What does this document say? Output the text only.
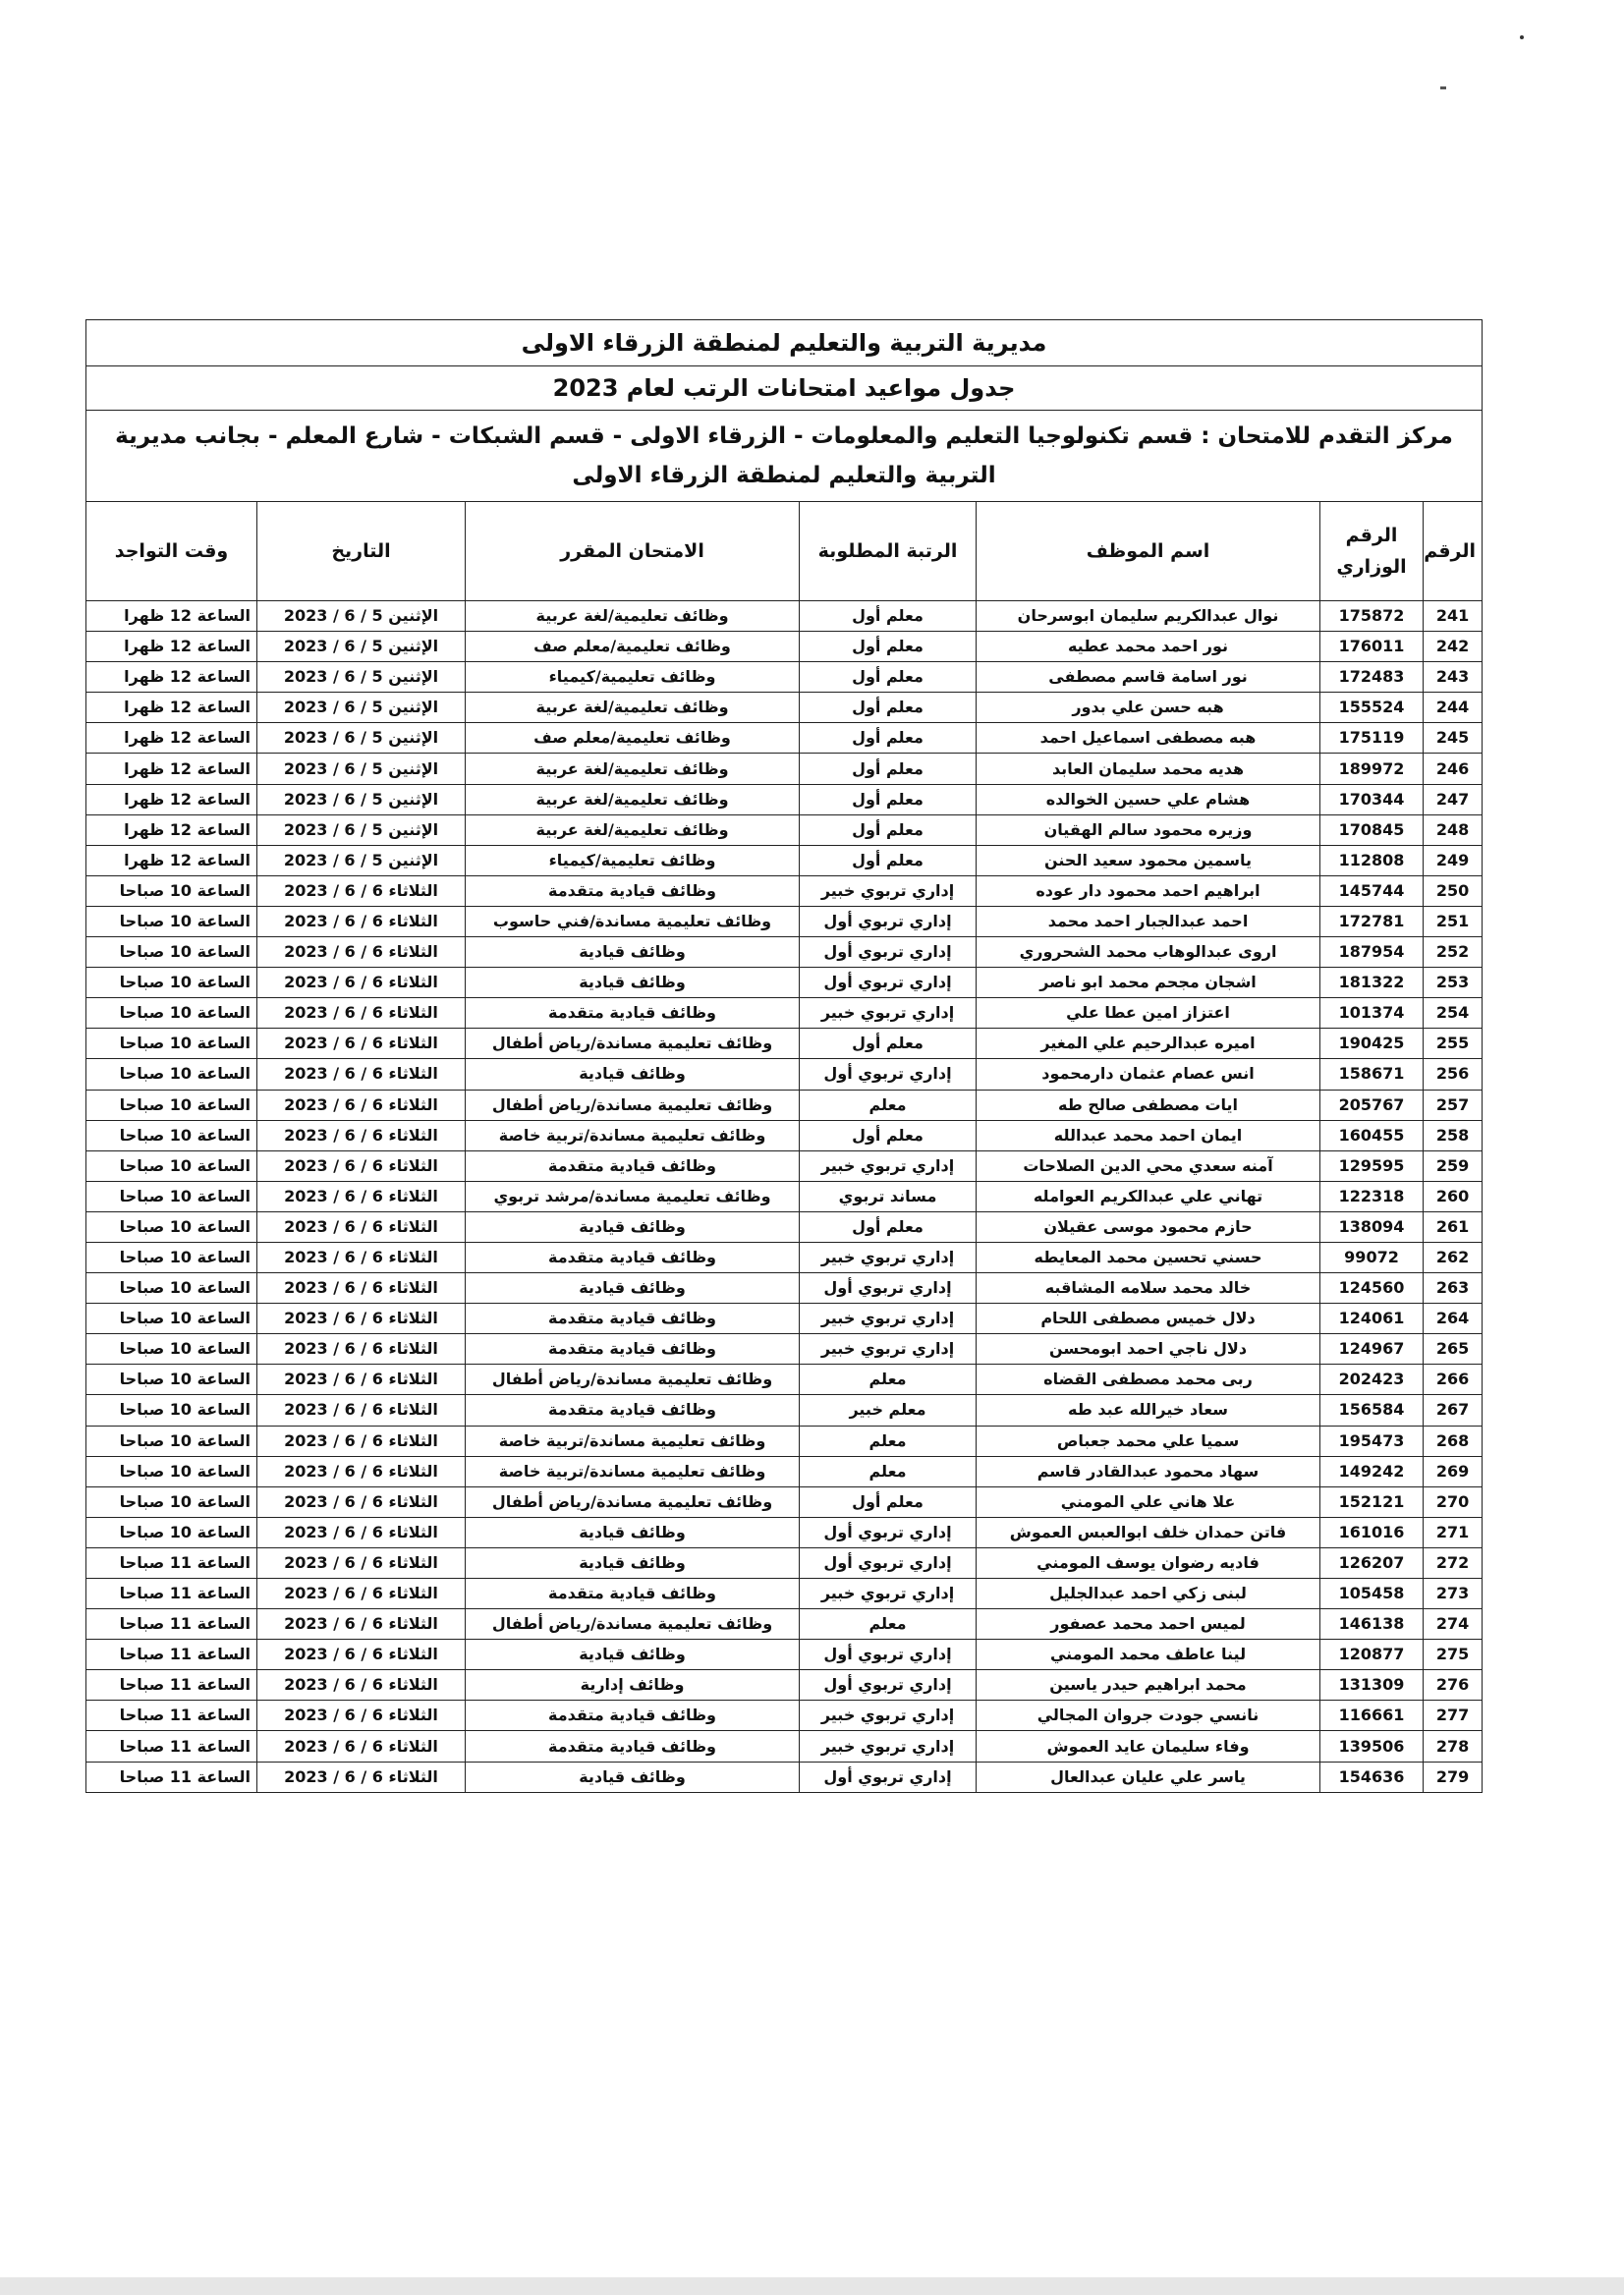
مديرية التربية والتعليم لمنطقة الزرقاء الاولى						
جدول مواعيد امتحانات الرتب لعام 2023						
مركز التقدم للامتحان : قسم تكنولوجيا التعليم والمعلومات - الزرقاء الاولى - قسم الشبكات - شارع المعلم - بجانب مديرية التربية والتعليم لمنطقة الزرقاء الاولى						
الرقم	الرقم الوزاري	اسم الموظف	الرتبة المطلوبة	الامتحان المقرر	التاريخ	وقت التواجد
241	175872	نوال عبدالكريم سليمان ابوسرحان	معلم أول	وظائف تعليمية/لغة عربية	الإثنين 5 / 6 / 2023	الساعة 12 ظهرا
242	176011	نور احمد محمد عطيه	معلم أول	وظائف تعليمية/معلم صف	الإثنين 5 / 6 / 2023	الساعة 12 ظهرا
243	172483	نور اسامة قاسم مصطفى	معلم أول	وظائف تعليمية/كيمياء	الإثنين 5 / 6 / 2023	الساعة 12 ظهرا
244	155524	هبه حسن علي بدور	معلم أول	وظائف تعليمية/لغة عربية	الإثنين 5 / 6 / 2023	الساعة 12 ظهرا
245	175119	هبه مصطفى اسماعيل احمد	معلم أول	وظائف تعليمية/معلم صف	الإثنين 5 / 6 / 2023	الساعة 12 ظهرا
246	189972	هديه محمد سليمان العابد	معلم أول	وظائف تعليمية/لغة عربية	الإثنين 5 / 6 / 2023	الساعة 12 ظهرا
247	170344	هشام علي حسين الخوالده	معلم أول	وظائف تعليمية/لغة عربية	الإثنين 5 / 6 / 2023	الساعة 12 ظهرا
248	170845	وزيره محمود سالم الهقيان	معلم أول	وظائف تعليمية/لغة عربية	الإثنين 5 / 6 / 2023	الساعة 12 ظهرا
249	112808	ياسمين محمود سعيد الحنن	معلم أول	وظائف تعليمية/كيمياء	الإثنين 5 / 6 / 2023	الساعة 12 ظهرا
250	145744	ابراهيم احمد محمود دار عوده	إداري تربوي خبير	وظائف قيادية متقدمة	الثلاثاء 6 / 6 / 2023	الساعة 10 صباحا
251	172781	احمد عبدالجبار احمد محمد	إداري تربوي أول	وظائف تعليمية مساندة/فني حاسوب	الثلاثاء 6 / 6 / 2023	الساعة 10 صباحا
252	187954	اروى عبدالوهاب محمد الشحروري	إداري تربوي أول	وظائف قيادية	الثلاثاء 6 / 6 / 2023	الساعة 10 صباحا
253	181322	اشجان مجحم محمد ابو ناصر	إداري تربوي أول	وظائف قيادية	الثلاثاء 6 / 6 / 2023	الساعة 10 صباحا
254	101374	اعتزاز امين عطا علي	إداري تربوي خبير	وظائف قيادية متقدمة	الثلاثاء 6 / 6 / 2023	الساعة 10 صباحا
255	190425	اميره عبدالرحيم علي المغير	معلم أول	وظائف تعليمية مساندة/رياض أطفال	الثلاثاء 6 / 6 / 2023	الساعة 10 صباحا
256	158671	انس عصام عثمان دارمحمود	إداري تربوي أول	وظائف قيادية	الثلاثاء 6 / 6 / 2023	الساعة 10 صباحا
257	205767	ايات مصطفى صالح طه	معلم	وظائف تعليمية مساندة/رياض أطفال	الثلاثاء 6 / 6 / 2023	الساعة 10 صباحا
258	160455	ايمان احمد محمد عبدالله	معلم أول	وظائف تعليمية مساندة/تربية خاصة	الثلاثاء 6 / 6 / 2023	الساعة 10 صباحا
259	129595	آمنه سعدي محي الدين الصلاحات	إداري تربوي خبير	وظائف قيادية متقدمة	الثلاثاء 6 / 6 / 2023	الساعة 10 صباحا
260	122318	تهاني علي عبدالكريم العوامله	مساند تربوي	وظائف تعليمية مساندة/مرشد تربوي	الثلاثاء 6 / 6 / 2023	الساعة 10 صباحا
261	138094	حازم محمود موسى عقيلان	معلم أول	وظائف قيادية	الثلاثاء 6 / 6 / 2023	الساعة 10 صباحا
262	99072	حسني تحسين محمد المعايطه	إداري تربوي خبير	وظائف قيادية متقدمة	الثلاثاء 6 / 6 / 2023	الساعة 10 صباحا
263	124560	خالد محمد سلامه المشاقبه	إداري تربوي أول	وظائف قيادية	الثلاثاء 6 / 6 / 2023	الساعة 10 صباحا
264	124061	دلال خميس مصطفى اللحام	إداري تربوي خبير	وظائف قيادية متقدمة	الثلاثاء 6 / 6 / 2023	الساعة 10 صباحا
265	124967	دلال ناجي احمد ابومحسن	إداري تربوي خبير	وظائف قيادية متقدمة	الثلاثاء 6 / 6 / 2023	الساعة 10 صباحا
266	202423	ربى محمد مصطفى القضاه	معلم	وظائف تعليمية مساندة/رياض أطفال	الثلاثاء 6 / 6 / 2023	الساعة 10 صباحا
267	156584	سعاد خيرالله عبد طه	معلم خبير	وظائف قيادية متقدمة	الثلاثاء 6 / 6 / 2023	الساعة 10 صباحا
268	195473	سميا علي محمد جعباص	معلم	وظائف تعليمية مساندة/تربية خاصة	الثلاثاء 6 / 6 / 2023	الساعة 10 صباحا
269	149242	سهاد محمود عبدالقادر قاسم	معلم	وظائف تعليمية مساندة/تربية خاصة	الثلاثاء 6 / 6 / 2023	الساعة 10 صباحا
270	152121	علا هاني علي المومني	معلم أول	وظائف تعليمية مساندة/رياض أطفال	الثلاثاء 6 / 6 / 2023	الساعة 10 صباحا
271	161016	فاتن حمدان خلف ابوالعبس العموش	إداري تربوي أول	وظائف قيادية	الثلاثاء 6 / 6 / 2023	الساعة 10 صباحا
272	126207	فاديه رضوان يوسف المومني	إداري تربوي أول	وظائف قيادية	الثلاثاء 6 / 6 / 2023	الساعة 11 صباحا
273	105458	لبنى زكي احمد عبدالجليل	إداري تربوي خبير	وظائف قيادية متقدمة	الثلاثاء 6 / 6 / 2023	الساعة 11 صباحا
274	146138	لميس احمد محمد عصفور	معلم	وظائف تعليمية مساندة/رياض أطفال	الثلاثاء 6 / 6 / 2023	الساعة 11 صباحا
275	120877	لينا عاطف محمد المومني	إداري تربوي أول	وظائف قيادية	الثلاثاء 6 / 6 / 2023	الساعة 11 صباحا
276	131309	محمد ابراهيم حيدر ياسين	إداري تربوي أول	وظائف إدارية	الثلاثاء 6 / 6 / 2023	الساعة 11 صباحا
277	116661	نانسي جودت جروان المجالي	إداري تربوي خبير	وظائف قيادية متقدمة	الثلاثاء 6 / 6 / 2023	الساعة 11 صباحا
278	139506	وفاء سليمان عايد العموش	إداري تربوي خبير	وظائف قيادية متقدمة	الثلاثاء 6 / 6 / 2023	الساعة 11 صباحا
279	154636	ياسر علي عليان عبدالعال	إداري تربوي أول	وظائف قيادية	الثلاثاء 6 / 6 / 2023	الساعة 11 صباحا
